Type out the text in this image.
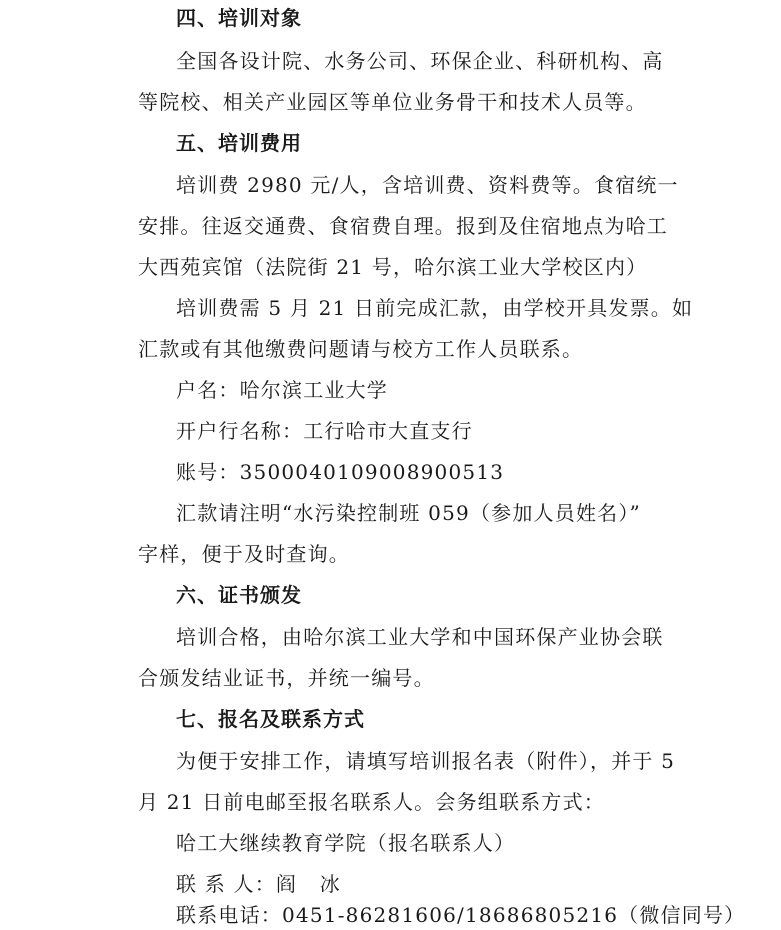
四、培训对象
全国各设计院、水务公司、环保企业、科研机构、高
等院校、相关产业园区等单位业务骨干和技术人员等。
五、培训费用
培训费 2980 元/人，含培训费、资料费等。食宿统一
安排。往返交通费、食宿费自理。报到及住宿地点为哈工
大西苑宾馆（法院街 21 号，哈尔滨工业大学校区内）
培训费需 5 月 21 日前完成汇款，由学校开具发票。如
汇款或有其他缴费问题请与校方工作人员联系。
户名：哈尔滨工业大学
开户行名称：工行哈市大直支行
账号：3500040109008900513
汇款请注明“水污染控制班 059（参加人员姓名）”
字样，便于及时查询。
六、证书颁发
培训合格，由哈尔滨工业大学和中国环保产业协会联
合颁发结业证书，并统一编号。
七、报名及联系方式
为便于安排工作，请填写培训报名表（附件），并于 5
月 21 日前电邮至报名联系人。会务组联系方式：
哈工大继续教育学院（报名联系人）
联 系 人：阎   冰
联系电话：0451-86281606/18686805216（微信同号）
